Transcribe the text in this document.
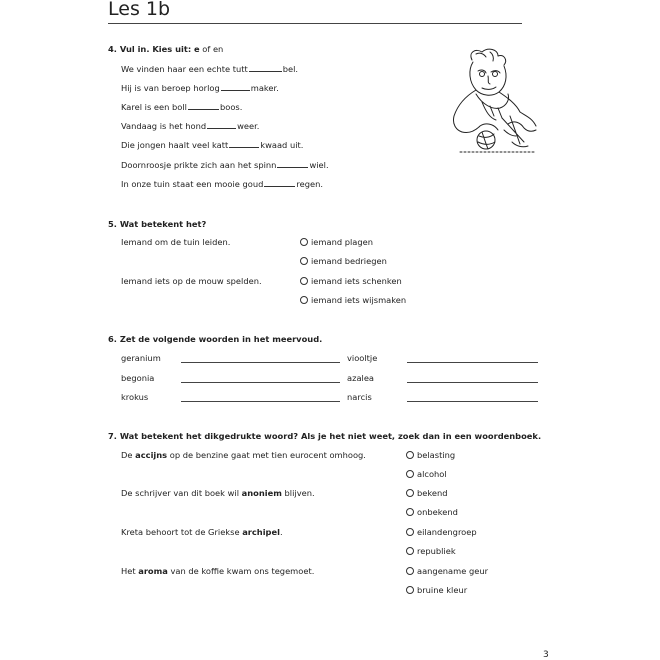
Les 1b
4. Vul in. Kies uit: e of en
We vinden haar een echte tutt	bel.
Hij is van beroep horlog	maker.
Karel is een boll	boos.
Vandaag is het hond	weer.
Die jongen haalt veel katt	kwaad uit.
Doornroosje prikte zich aan het spinn	wiel.
In onze tuin staat een mooie goud	regen.
5. Wat betekent het?
Iemand om de tuin leiden.	iemand plagen
iemand bedriegen
Iemand iets op de mouw spelden.	iemand iets schenken
iemand iets wijsmaken
6. Zet de volgende woorden in het meervoud.
geranium	viooltje
begonia	azalea
krokus	narcis
7. Wat betekent het dikgedrukte woord? Als je het niet weet, zoek dan in een woordenboek.
De accijns op de benzine gaat met tien eurocent omhoog.	belasting
alcohol
De schrijver van dit boek wil anoniem blijven.	bekend
onbekend
Kreta behoort tot de Griekse archipel.	eilandengroep
republiek
Het aroma van de koffie kwam ons tegemoet.	aangename geur
bruine kleur
3
